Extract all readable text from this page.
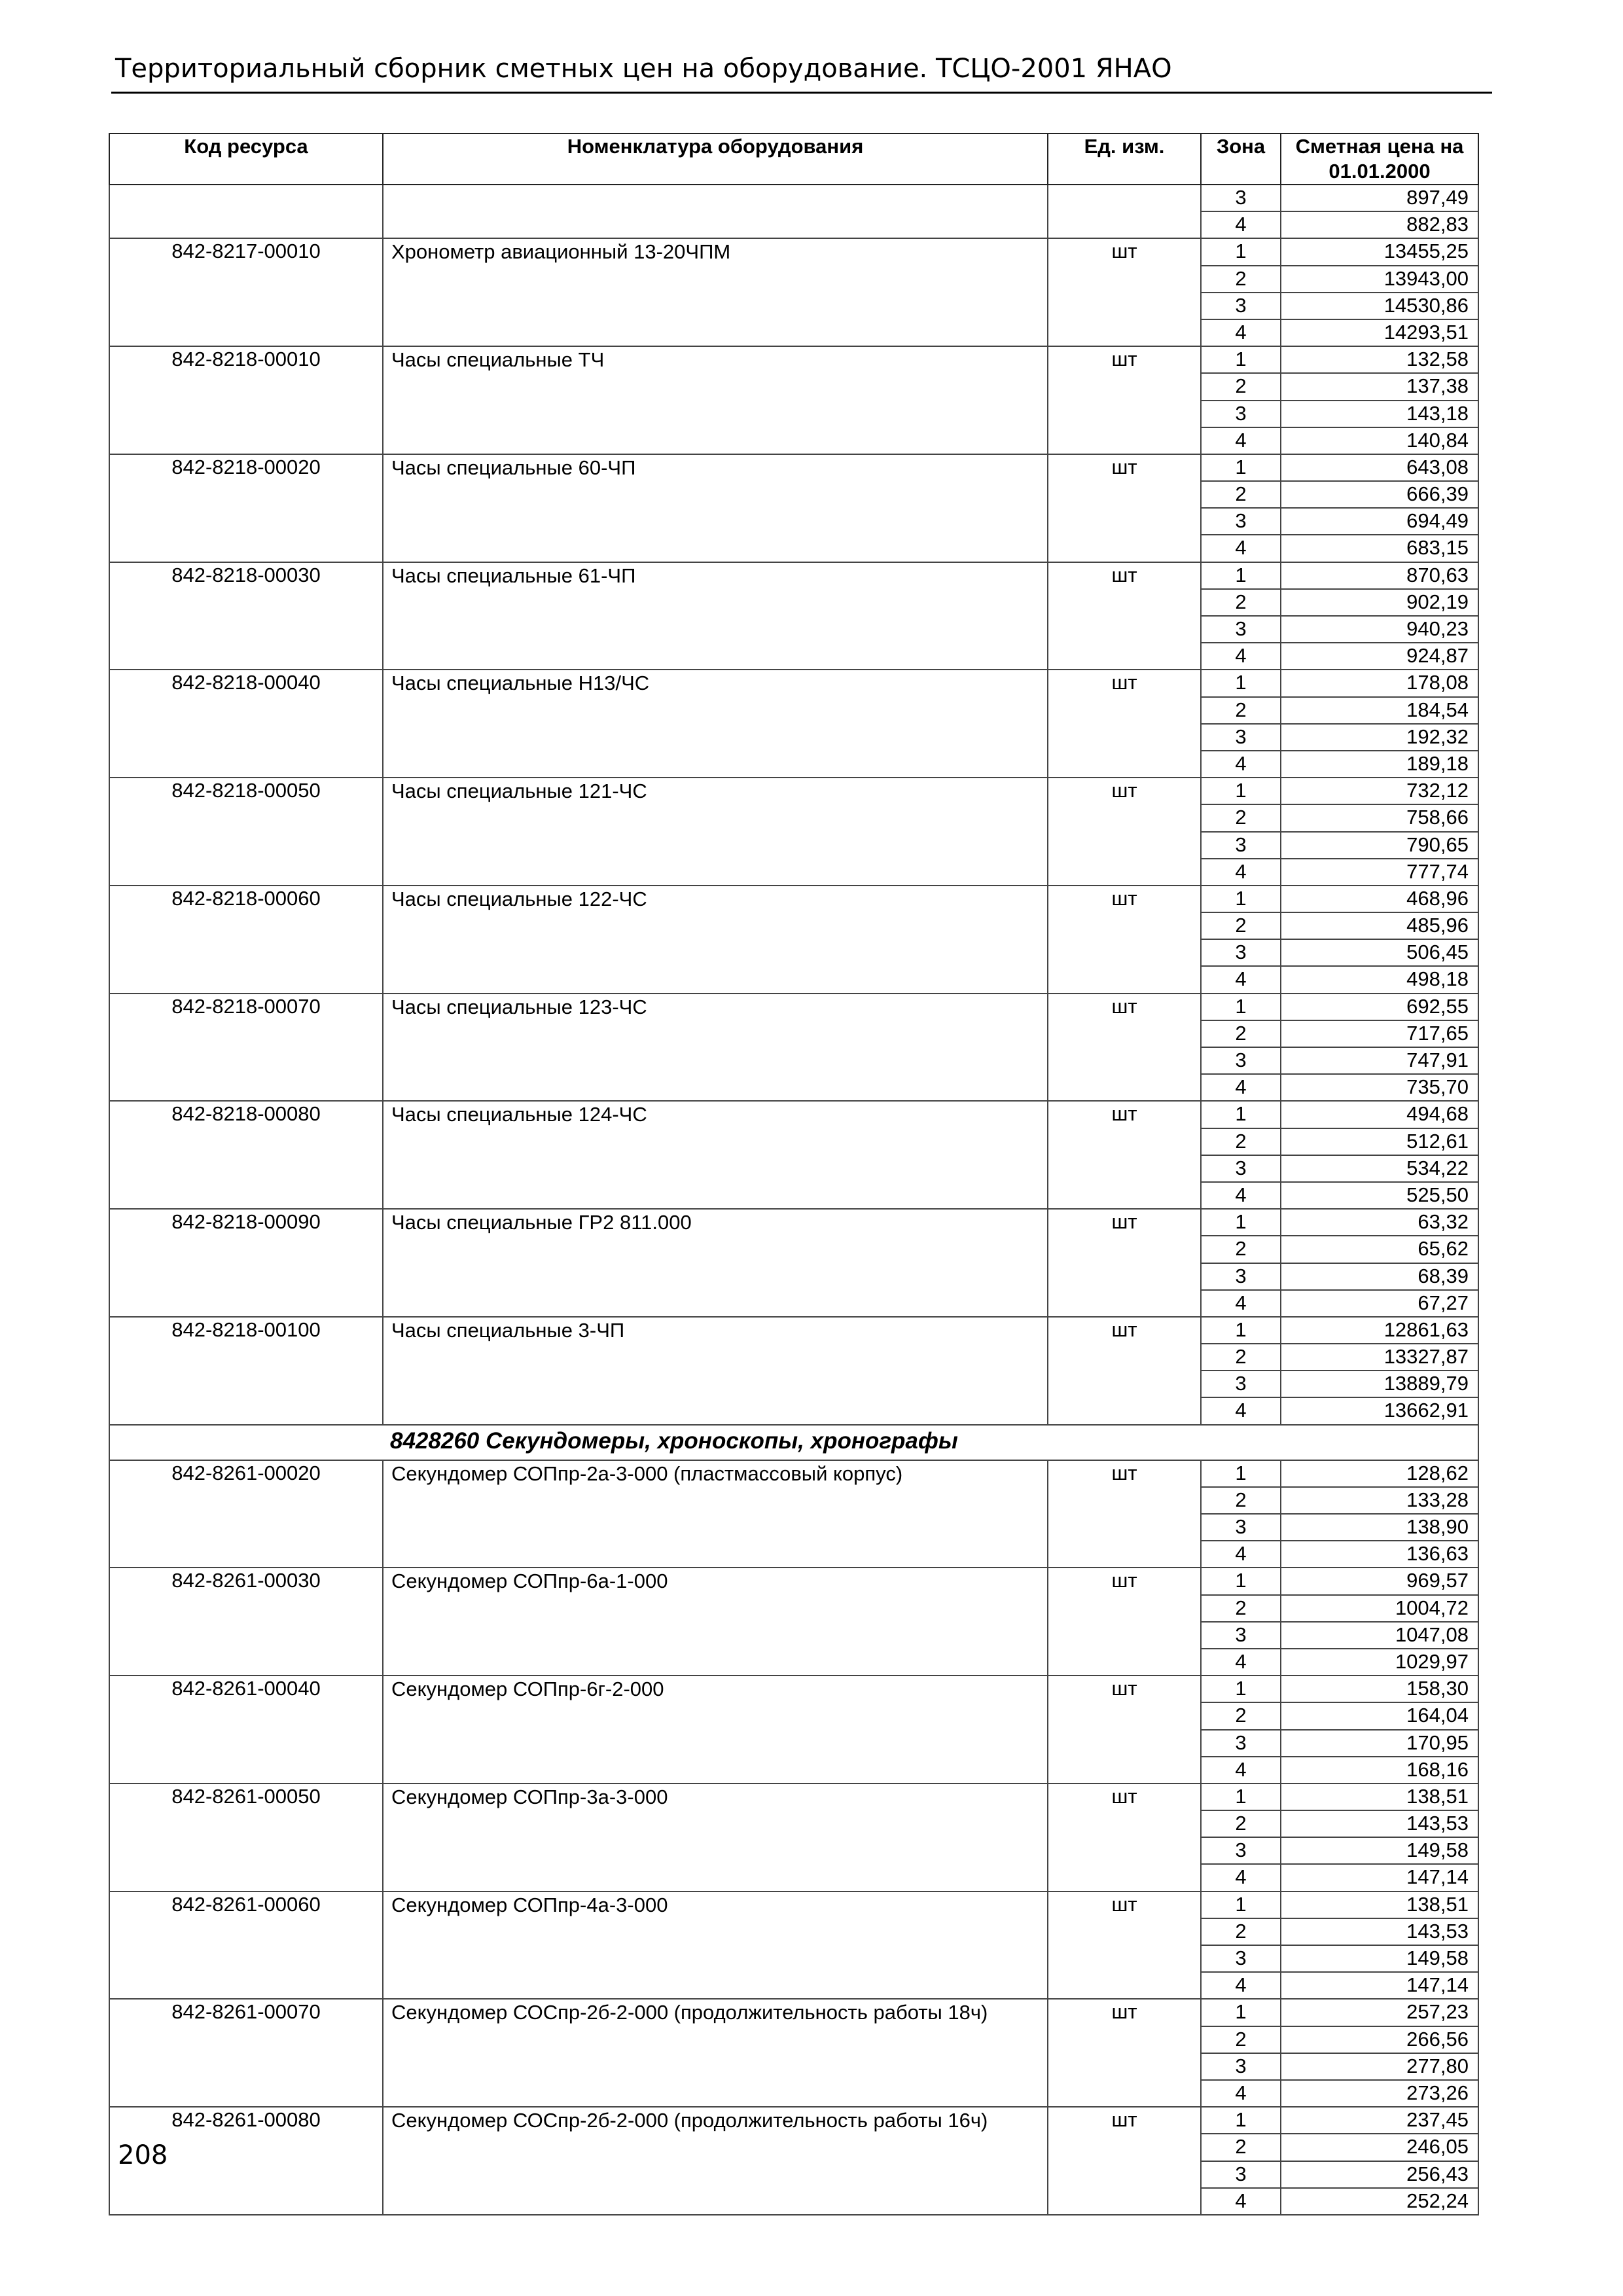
Территориальный сборник сметных цен на оборудование. ТСЦО-2001 ЯНАО
Код ресурса	Номенклатура оборудования	Ед. изм.	Зона	Сметная цена на 01.01.2000
			3	897,49
			4	882,83
842-8217-00010	Хронометр авиационный 13-20ЧПМ	шт	1	13455,25
			2	13943,00
			3	14530,86
			4	14293,51
842-8218-00010	Часы специальные ТЧ	шт	1	132,58
			2	137,38
			3	143,18
			4	140,84
842-8218-00020	Часы специальные 60-ЧП	шт	1	643,08
			2	666,39
			3	694,49
			4	683,15
842-8218-00030	Часы специальные 61-ЧП	шт	1	870,63
			2	902,19
			3	940,23
			4	924,87
842-8218-00040	Часы специальные Н13/ЧС	шт	1	178,08
			2	184,54
			3	192,32
			4	189,18
842-8218-00050	Часы специальные 121-ЧС	шт	1	732,12
			2	758,66
			3	790,65
			4	777,74
842-8218-00060	Часы специальные 122-ЧС	шт	1	468,96
			2	485,96
			3	506,45
			4	498,18
842-8218-00070	Часы специальные 123-ЧС	шт	1	692,55
			2	717,65
			3	747,91
			4	735,70
842-8218-00080	Часы специальные 124-ЧС	шт	1	494,68
			2	512,61
			3	534,22
			4	525,50
842-8218-00090	Часы специальные ГР2 811.000	шт	1	63,32
			2	65,62
			3	68,39
			4	67,27
842-8218-00100	Часы специальные 3-ЧП	шт	1	12861,63
			2	13327,87
			3	13889,79
			4	13662,91
8428260 Секундомеры, хроноскопы, хронографы				
842-8261-00020	Секундомер СОПпр-2а-3-000 (пластмассовый корпус)	шт	1	128,62
			2	133,28
			3	138,90
			4	136,63
842-8261-00030	Секундомер СОПпр-6а-1-000	шт	1	969,57
			2	1004,72
			3	1047,08
			4	1029,97
842-8261-00040	Секундомер СОПпр-6г-2-000	шт	1	158,30
			2	164,04
			3	170,95
			4	168,16
842-8261-00050	Секундомер СОПпр-3а-3-000	шт	1	138,51
			2	143,53
			3	149,58
			4	147,14
842-8261-00060	Секундомер СОПпр-4а-3-000	шт	1	138,51
			2	143,53
			3	149,58
			4	147,14
842-8261-00070	Секундомер СОСпр-2б-2-000 (продолжительность работы 18ч)	шт	1	257,23
			2	266,56
			3	277,80
			4	273,26
842-8261-00080	Секундомер СОСпр-2б-2-000 (продолжительность работы 16ч)	шт	1	237,45
			2	246,05
			3	256,43
			4	252,24
208
